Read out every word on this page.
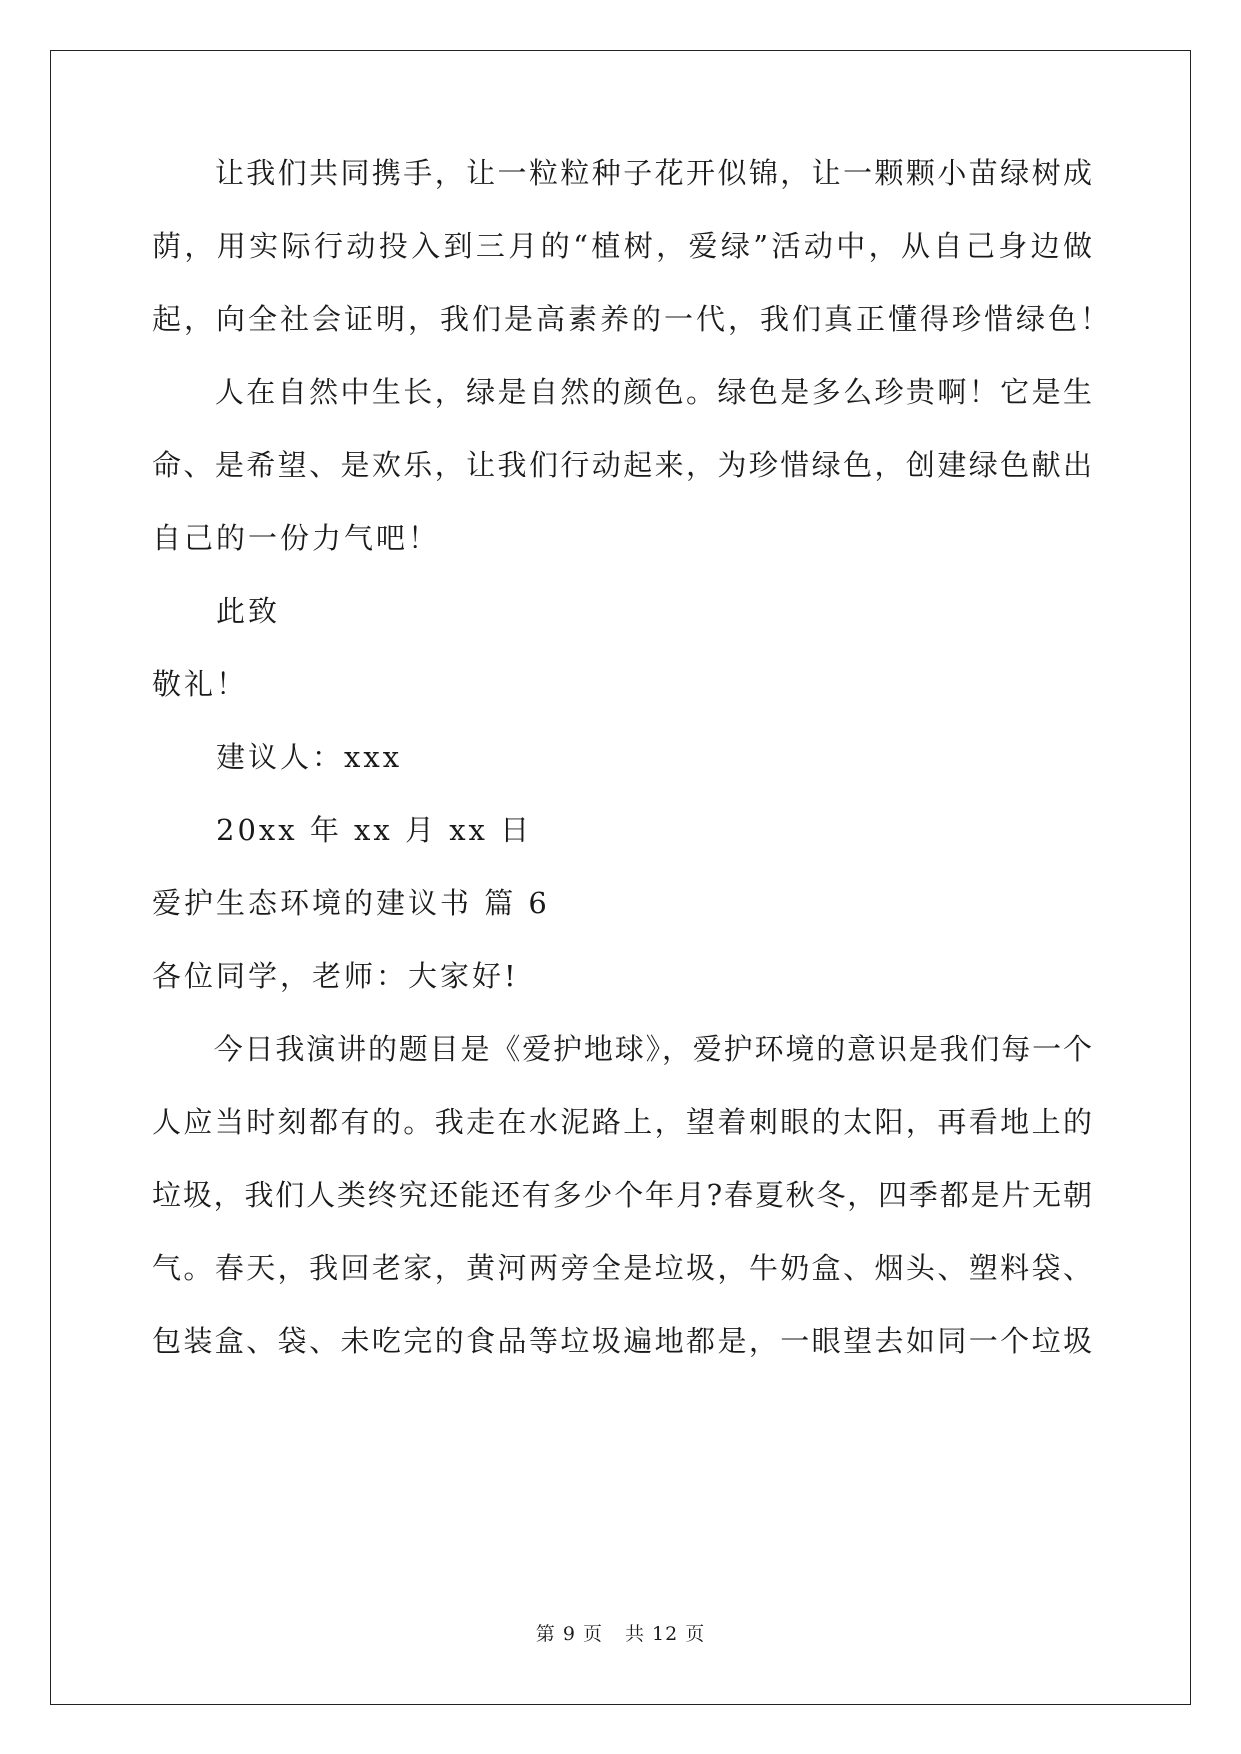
　　让我们共同携手，让一粒粒种子花开似锦，让一颗颗小苗绿树成
荫，用实际行动投入到三月的“植树，爱绿”活动中，从自己身边做
起，向全社会证明，我们是高素养的一代，我们真正懂得珍惜绿色！
　　人在自然中生长，绿是自然的颜色。绿色是多么珍贵啊！它是生
命、是希望、是欢乐，让我们行动起来，为珍惜绿色，创建绿色献出
自己的一份力气吧！
　　此致
敬礼！
　　建议人：xxx
　　20xx 年 xx 月 xx 日
爱护生态环境的建议书 篇 6
各位同学，老师：大家好!
　　今日我演讲的题目是《爱护地球》，爱护环境的意识是我们每一个
人应当时刻都有的。我走在水泥路上，望着刺眼的太阳，再看地上的
垃圾，我们人类终究还能还有多少个年月?春夏秋冬，四季都是片无朝
气。春天，我回老家，黄河两旁全是垃圾，牛奶盒、烟头、塑料袋、
包装盒、袋、未吃完的食品等垃圾遍地都是，一眼望去如同一个垃圾
第 9 页 共 12 页
